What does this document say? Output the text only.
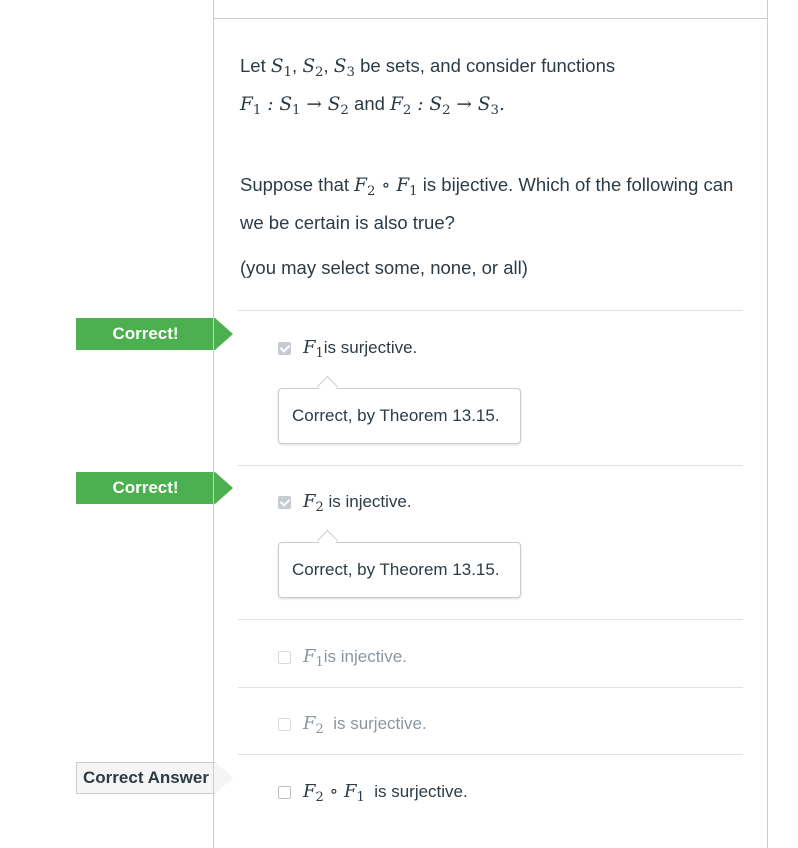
Correct!
Correct!
Correct Answer

Let $S_1$, $S_2$, $S_3$ be sets, and consider functions
$F_1$ : $S_1 \to S_2$ and $F_2$ : $S_2 \to S_3$.

Suppose that $F_2$ ∘ $F_1$ is bijective. Which of the following can we be certain is also true?

(you may select some, none, or all)

$F_1is$ surjective.
Correct, by Theorem 13.15.
$F_2$ is injective.
Correct, by Theorem 13.15.
$F_1is$ injective.
$F_2$  is surjective.
$F_2$ ∘ $F_1$  is surjective.
